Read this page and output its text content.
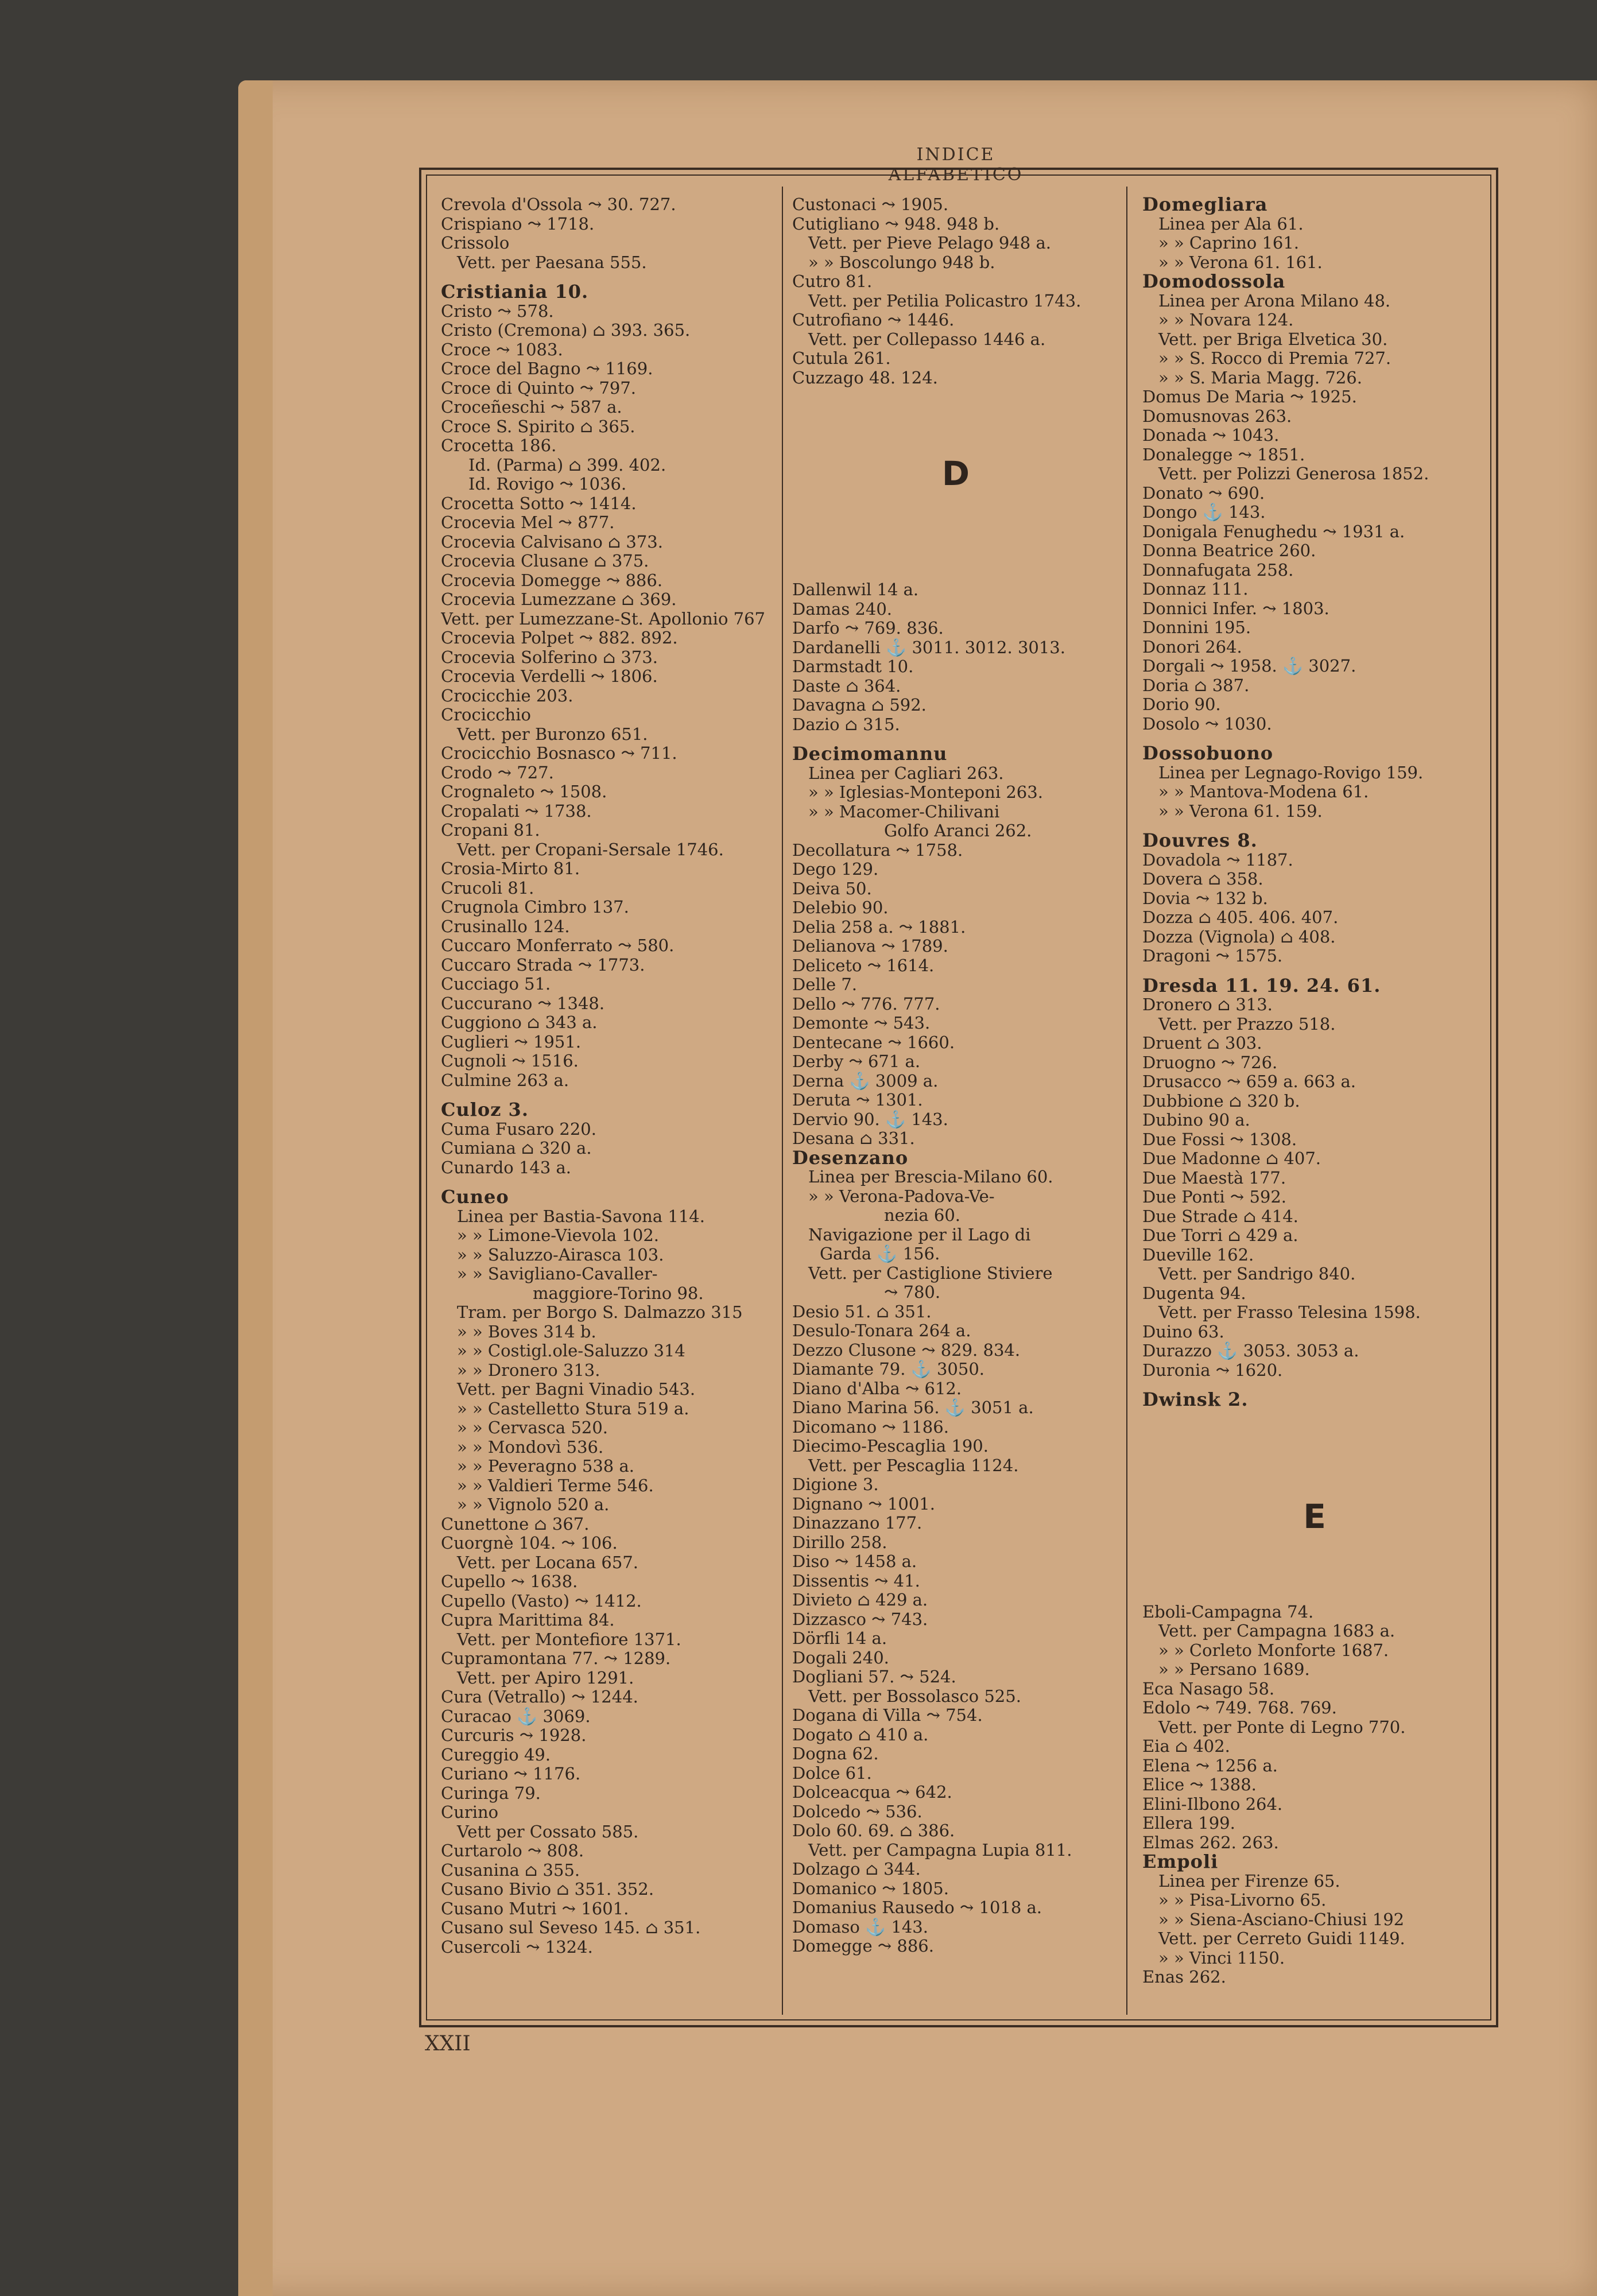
INDICE ALFABETICO
Crevola d'Ossola ⤳ 30. 727.
Crispiano ⤳ 1718.
Crissolo
Vett. per Paesana 555.
Cristiania 10.
Cristo ⤳ 578.
Cristo (Cremona) ⌂ 393. 365.
Croce ⤳ 1083.
Croce del Bagno ⤳ 1169.
Croce di Quinto ⤳ 797.
Croceñeschi ⤳ 587 a.
Croce S. Spirito ⌂ 365.
Crocetta 186.
Id. (Parma) ⌂ 399. 402.
Id. Rovigo ⤳ 1036.
Crocetta Sotto ⤳ 1414.
Crocevia Mel ⤳ 877.
Crocevia Calvisano ⌂ 373.
Crocevia Clusane ⌂ 375.
Crocevia Domegge ⤳ 886.
Crocevia Lumezzane ⌂ 369.
Vett. per Lumezzane-St. Apollonio 767
Crocevia Polpet ⤳ 882. 892.
Crocevia Solferino ⌂ 373.
Crocevia Verdelli ⤳ 1806.
Crocicchie 203.
Crocicchio
Vett. per Buronzo 651.
Crocicchio Bosnasco ⤳ 711.
Crodo ⤳ 727.
Crognaleto ⤳ 1508.
Cropalati ⤳ 1738.
Cropani 81.
Vett. per Cropani-Sersale 1746.
Crosia-Mirto 81.
Crucoli 81.
Crugnola Cimbro 137.
Crusinallo 124.
Cuccaro Monferrato ⤳ 580.
Cuccaro Strada ⤳ 1773.
Cucciago 51.
Cuccurano ⤳ 1348.
Cuggiono ⌂ 343 a.
Cuglieri ⤳ 1951.
Cugnoli ⤳ 1516.
Culmine 263 a.
Culoz 3.
Cuma Fusaro 220.
Cumiana ⌂ 320 a.
Cunardo 143 a.
Cuneo
Linea per Bastia-Savona 114.
» » Limone-Vievola 102.
» » Saluzzo-Airasca 103.
» » Savigliano-Cavaller-
maggiore-Torino 98.
Tram. per Borgo S. Dalmazzo 315
» » Boves 314 b.
» » Costigl.ole-Saluzzo 314
» » Dronero 313.
Vett. per Bagni Vinadio 543.
» » Castelletto Stura 519 a.
» » Cervasca 520.
» » Mondovì 536.
» » Peveragno 538 a.
» » Valdieri Terme 546.
» » Vignolo 520 a.
Cunettone ⌂ 367.
Cuorgnè 104. ⤳ 106.
Vett. per Locana 657.
Cupello ⤳ 1638.
Cupello (Vasto) ⤳ 1412.
Cupra Marittima 84.
Vett. per Montefiore 1371.
Cupramontana 77. ⤳ 1289.
Vett. per Apiro 1291.
Cura (Vetrallo) ⤳ 1244.
Curacao ⚓ 3069.
Curcuris ⤳ 1928.
Cureggio 49.
Curiano ⤳ 1176.
Curinga 79.
Curino
Vett per Cossato 585.
Curtarolo ⤳ 808.
Cusanina ⌂ 355.
Cusano Bivio ⌂ 351. 352.
Cusano Mutri ⤳ 1601.
Cusano sul Seveso 145. ⌂ 351.
Cusercoli ⤳ 1324.
Custonaci ⤳ 1905.
Cutigliano ⤳ 948. 948 b.
Vett. per Pieve Pelago 948 a.
» » Boscolungo 948 b.
Cutro 81.
Vett. per Petilia Policastro 1743.
Cutrofiano ⤳ 1446.
Vett. per Collepasso 1446 a.
Cutula 261.
Cuzzago 48. 124.
D
Dallenwil 14 a.
Damas 240.
Darfo ⤳ 769. 836.
Dardanelli ⚓ 3011. 3012. 3013.
Darmstadt 10.
Daste ⌂ 364.
Davagna ⌂ 592.
Dazio ⌂ 315.
Decimomannu
Linea per Cagliari 263.
» » Iglesias-Monteponi 263.
» » Macomer-Chilivani
Golfo Aranci 262.
Decollatura ⤳ 1758.
Dego 129.
Deiva 50.
Delebio 90.
Delia 258 a. ⤳ 1881.
Delianova ⤳ 1789.
Deliceto ⤳ 1614.
Delle 7.
Dello ⤳ 776. 777.
Demonte ⤳ 543.
Dentecane ⤳ 1660.
Derby ⤳ 671 a.
Derna ⚓ 3009 a.
Deruta ⤳ 1301.
Dervio 90. ⚓ 143.
Desana ⌂ 331.
Desenzano
Linea per Brescia-Milano 60.
» » Verona-Padova-Ve-
nezia 60.
Navigazione per il Lago di
Garda ⚓ 156.
Vett. per Castiglione Stiviere
⤳ 780.
Desio 51. ⌂ 351.
Desulo-Tonara 264 a.
Dezzo Clusone ⤳ 829. 834.
Diamante 79. ⚓ 3050.
Diano d'Alba ⤳ 612.
Diano Marina 56. ⚓ 3051 a.
Dicomano ⤳ 1186.
Diecimo-Pescaglia 190.
Vett. per Pescaglia 1124.
Digione 3.
Dignano ⤳ 1001.
Dinazzano 177.
Dirillo 258.
Diso ⤳ 1458 a.
Dissentis ⤳ 41.
Divieto ⌂ 429 a.
Dizzasco ⤳ 743.
Dörfli 14 a.
Dogali 240.
Dogliani 57. ⤳ 524.
Vett. per Bossolasco 525.
Dogana di Villa ⤳ 754.
Dogato ⌂ 410 a.
Dogna 62.
Dolce 61.
Dolceacqua ⤳ 642.
Dolcedo ⤳ 536.
Dolo 60. 69. ⌂ 386.
Vett. per Campagna Lupia 811.
Dolzago ⌂ 344.
Domanico ⤳ 1805.
Domanius Rausedo ⤳ 1018 a.
Domaso ⚓ 143.
Domegge ⤳ 886.
Domegliara
Linea per Ala 61.
» » Caprino 161.
» » Verona 61. 161.
Domodossola
Linea per Arona Milano 48.
» » Novara 124.
Vett. per Briga Elvetica 30.
» » S. Rocco di Premia 727.
» » S. Maria Magg. 726.
Domus De Maria ⤳ 1925.
Domusnovas 263.
Donada ⤳ 1043.
Donalegge ⤳ 1851.
Vett. per Polizzi Generosa 1852.
Donato ⤳ 690.
Dongo ⚓ 143.
Donigala Fenughedu ⤳ 1931 a.
Donna Beatrice 260.
Donnafugata 258.
Donnaz 111.
Donnici Infer. ⤳ 1803.
Donnini 195.
Donori 264.
Dorgali ⤳ 1958. ⚓ 3027.
Doria ⌂ 387.
Dorio 90.
Dosolo ⤳ 1030.
Dossobuono
Linea per Legnago-Rovigo 159.
» » Mantova-Modena 61.
» » Verona 61. 159.
Douvres 8.
Dovadola ⤳ 1187.
Dovera ⌂ 358.
Dovia ⤳ 132 b.
Dozza ⌂ 405. 406. 407.
Dozza (Vignola) ⌂ 408.
Dragoni ⤳ 1575.
Dresda 11. 19. 24. 61.
Dronero ⌂ 313.
Vett. per Prazzo 518.
Druent ⌂ 303.
Druogno ⤳ 726.
Drusacco ⤳ 659 a. 663 a.
Dubbione ⌂ 320 b.
Dubino 90 a.
Due Fossi ⤳ 1308.
Due Madonne ⌂ 407.
Due Maestà 177.
Due Ponti ⤳ 592.
Due Strade ⌂ 414.
Due Torri ⌂ 429 a.
Dueville 162.
Vett. per Sandrigo 840.
Dugenta 94.
Vett. per Frasso Telesina 1598.
Duino 63.
Durazzo ⚓ 3053. 3053 a.
Duronia ⤳ 1620.
Dwinsk 2.
E
Eboli-Campagna 74.
Vett. per Campagna 1683 a.
» » Corleto Monforte 1687.
» » Persano 1689.
Eca Nasago 58.
Edolo ⤳ 749. 768. 769.
Vett. per Ponte di Legno 770.
Eia ⌂ 402.
Elena ⤳ 1256 a.
Elice ⤳ 1388.
Elini-Ilbono 264.
Ellera 199.
Elmas 262. 263.
Empoli
Linea per Firenze 65.
» » Pisa-Livorno 65.
» » Siena-Asciano-Chiusi 192
Vett. per Cerreto Guidi 1149.
» » Vinci 1150.
Enas 262.
XXII
